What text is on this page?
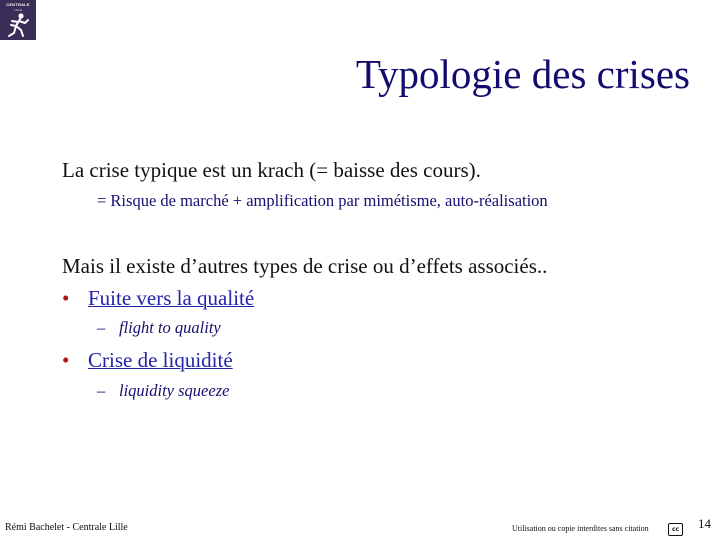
CENTRALE
LILLE
Typologie des crises
La crise typique est un krach (= baisse des cours).
= Risque de marché + amplification par mimétisme, auto-réalisation
Mais il existe d’autres types de crise ou d’effets associés..
• Fuite vers la qualité
– flight to quality
• Crise de liquidité
– liquidity squeeze
Rémi Bachelet - Centrale Lille	Utilisation ou copie interdites sans citation	cc	14
